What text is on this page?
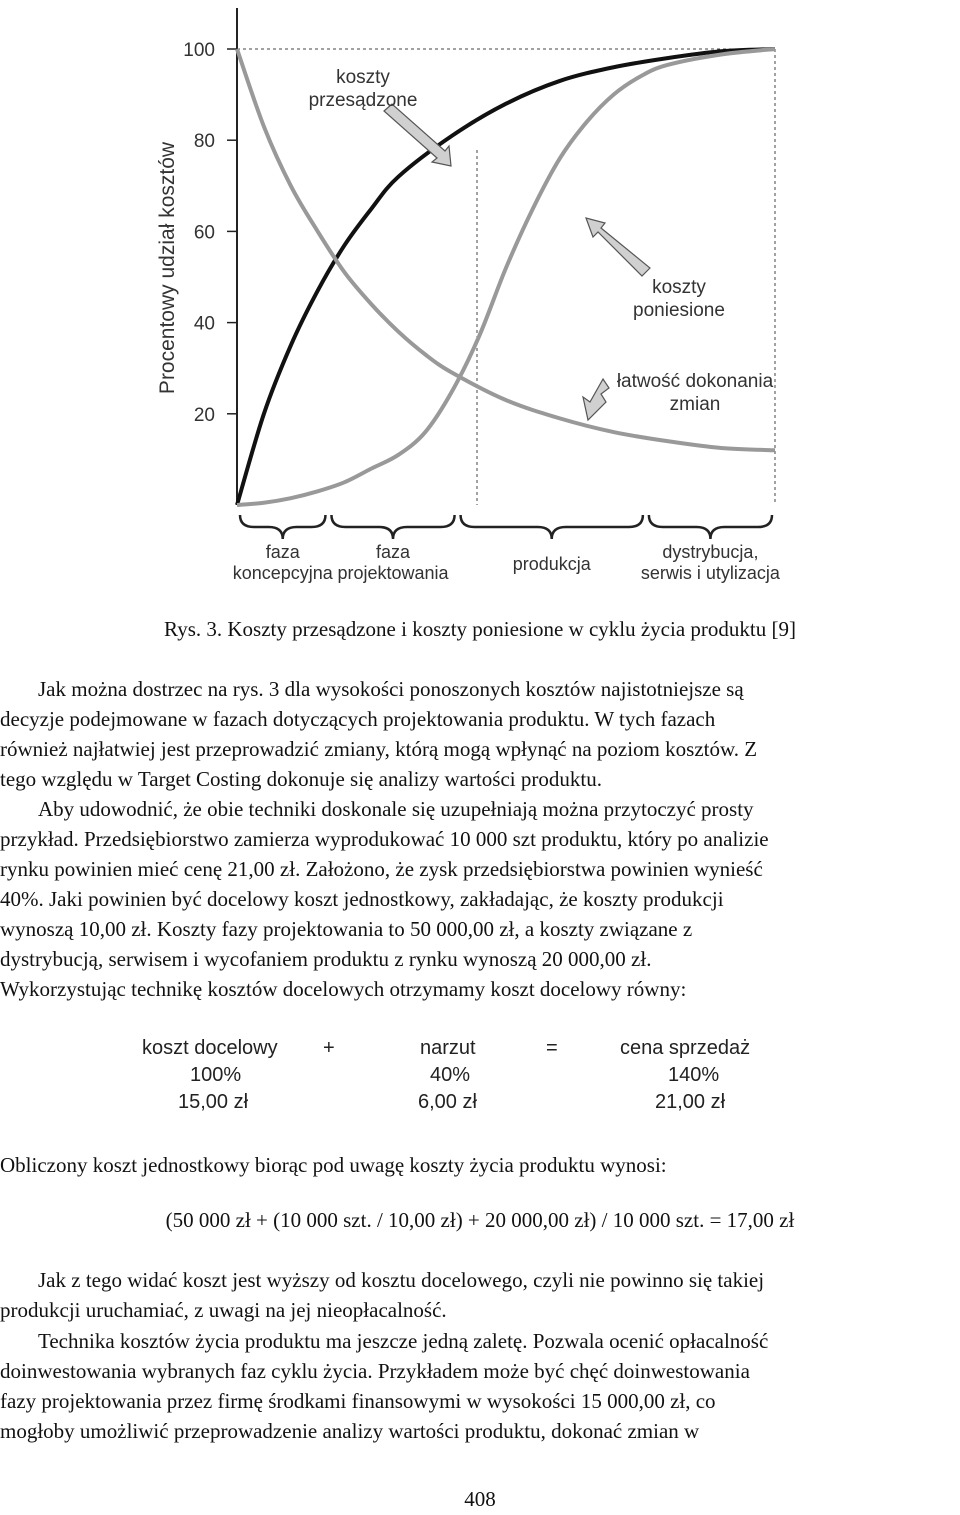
Procentowy udział kosztów
100
80
60
40
20
koszty
przesądzone
koszty
poniesione
łatwość dokonania
zmian
faza
koncepcyjna
faza
projektowania	produkcja
dystrybucja,
serwis i utylizacja
Rys. 3. Koszty przesądzone i koszty poniesione w cyklu życia produktu [9]
Jak można dostrzec na rys. 3 dla wysokości ponoszonych kosztów najistotniejsze są
decyzje podejmowane w fazach dotyczących projektowania produktu. W tych fazach
również najłatwiej jest przeprowadzić zmiany, którą mogą wpłynąć na poziom kosztów. Z
tego względu w Target Costing dokonuje się analizy wartości produktu.
Aby udowodnić, że obie techniki doskonale się uzupełniają można przytoczyć prosty
przykład. Przedsiębiorstwo zamierza wyprodukować 10 000 szt produktu, który po analizie
rynku powinien mieć cenę 21,00 zł. Założono, że zysk przedsiębiorstwa powinien wynieść
40%. Jaki powinien być docelowy koszt jednostkowy, zakładając, że koszty produkcji
wynoszą 10,00 zł. Koszty fazy projektowania to 50 000,00 zł, a koszty związane z
dystrybucją, serwisem i wycofaniem produktu z rynku wynoszą 20 000,00 zł.
Wykorzystując technikę kosztów docelowych otrzymamy koszt docelowy równy:
koszt docelowy +	narzut	=	cena sprzedaż
100%	40%	140%
15,00 zł	6,00 zł	21,00 zł
Obliczony koszt jednostkowy biorąc pod uwagę koszty życia produktu wynosi:
(50 000 zł + (10 000 szt. / 10,00 zł) + 20 000,00 zł) / 10 000 szt. = 17,00 zł
Jak z tego widać koszt jest wyższy od kosztu docelowego, czyli nie powinno się takiej
produkcji uruchamiać, z uwagi na jej nieopłacalność.
Technika kosztów życia produktu ma jeszcze jedną zaletę. Pozwala ocenić opłacalność
doinwestowania wybranych faz cyklu życia. Przykładem może być chęć doinwestowania
fazy projektowania przez firmę środkami finansowymi w wysokości 15 000,00 zł, co
mogłoby umożliwić przeprowadzenie analizy wartości produktu, dokonać zmian w
408
